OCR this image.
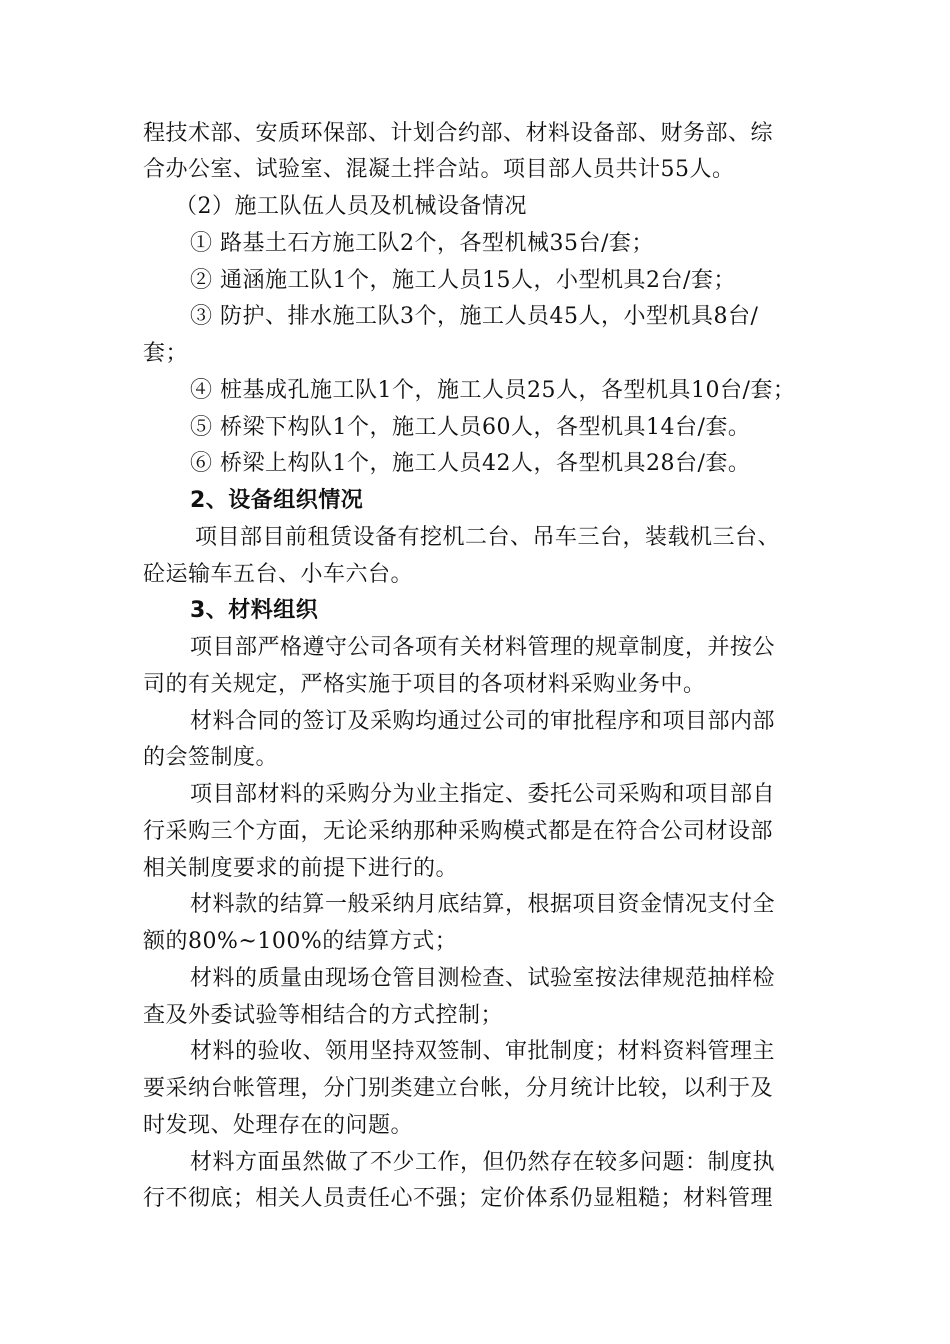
程技术部、安质环保部、计划合约部、材料设备部、财务部、综
合办公室、试验室、混凝土拌合站。项目部人员共计55人。
（2）施工队伍人员及机械设备情况
① 路基土石方施工队2个，各型机械35台/套；
② 通涵施工队1个，施工人员15人，小型机具2台/套；
③ 防护、排水施工队3个，施工人员45人，小型机具8台/
套；
④ 桩基成孔施工队1个，施工人员25人，各型机具10台/套；
⑤ 桥梁下构队1个，施工人员60人，各型机具14台/套。
⑥ 桥梁上构队1个，施工人员42人，各型机具28台/套。
2、设备组织情况
项目部目前租赁设备有挖机二台、吊车三台，装载机三台、
砼运输车五台、小车六台。
3、材料组织
项目部严格遵守公司各项有关材料管理的规章制度，并按公
司的有关规定，严格实施于项目的各项材料采购业务中。
材料合同的签订及采购均通过公司的审批程序和项目部内部
的会签制度。
项目部材料的采购分为业主指定、委托公司采购和项目部自
行采购三个方面，无论采纳那种采购模式都是在符合公司材设部
相关制度要求的前提下进行的。
材料款的结算一般采纳月底结算，根据项目资金情况支付全
额的80%~100%的结算方式；
材料的质量由现场仓管目测检查、试验室按法律规范抽样检
查及外委试验等相结合的方式控制；
材料的验收、领用坚持双签制、审批制度；材料资料管理主
要采纳台帐管理，分门别类建立台帐，分月统计比较，以利于及
时发现、处理存在的问题。
材料方面虽然做了不少工作，但仍然存在较多问题：制度执
行不彻底；相关人员责任心不强；定价体系仍显粗糙；材料管理
